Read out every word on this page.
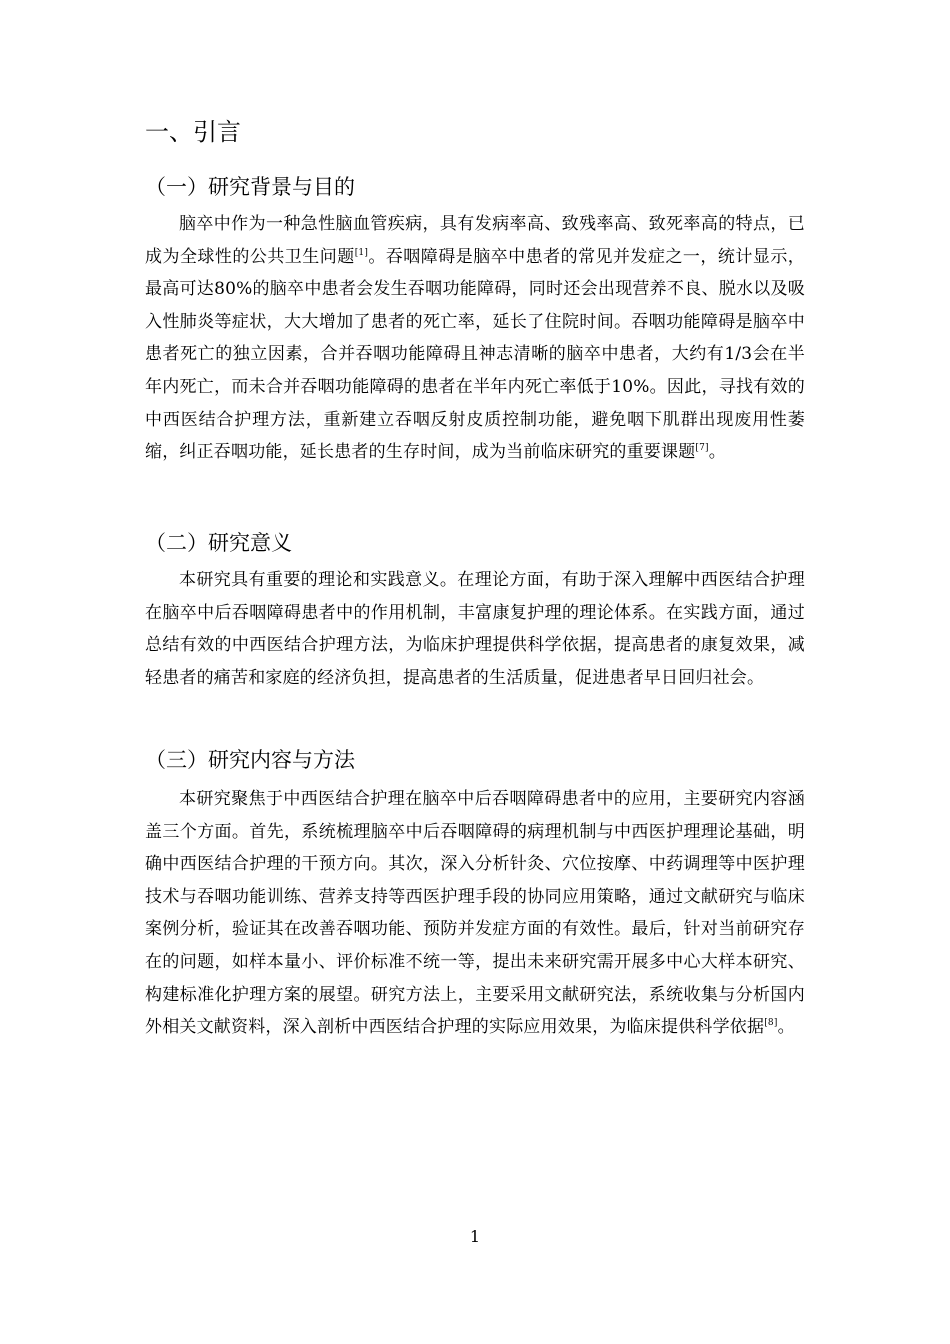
一、引言
（一）研究背景与目的

脑卒中作为一种急性脑血管疾病，具有发病率高、致残率高、致死率高的特点，已成为全球性的公共卫生问题[1]。吞咽障碍是脑卒中患者的常见并发症之一，统计显示，最高可达80%的脑卒中患者会发生吞咽功能障碍，同时还会出现营养不良、脱水以及吸入性肺炎等症状，大大增加了患者的死亡率，延长了住院时间。吞咽功能障碍是脑卒中患者死亡的独立因素，合并吞咽功能障碍且神志清晰的脑卒中患者，大约有1/3会在半年内死亡，而未合并吞咽功能障碍的患者在半年内死亡率低于10%。因此，寻找有效的中西医结合护理方法，重新建立吞咽反射皮质控制功能，避免咽下肌群出现废用性萎缩，纠正吞咽功能，延长患者的生存时间，成为当前临床研究的重要课题[7]。

（二）研究意义

本研究具有重要的理论和实践意义。在理论方面，有助于深入理解中西医结合护理在脑卒中后吞咽障碍患者中的作用机制，丰富康复护理的理论体系。在实践方面，通过总结有效的中西医结合护理方法，为临床护理提供科学依据，提高患者的康复效果，减轻患者的痛苦和家庭的经济负担，提高患者的生活质量，促进患者早日回归社会。

（三）研究内容与方法

本研究聚焦于中西医结合护理在脑卒中后吞咽障碍患者中的应用，主要研究内容涵盖三个方面。首先，系统梳理脑卒中后吞咽障碍的病理机制与中西医护理理论基础，明确中西医结合护理的干预方向。其次，深入分析针灸、穴位按摩、中药调理等中医护理技术与吞咽功能训练、营养支持等西医护理手段的协同应用策略，通过文献研究与临床案例分析，验证其在改善吞咽功能、预防并发症方面的有效性。最后，针对当前研究存在的问题，如样本量小、评价标准不统一等，提出未来研究需开展多中心大样本研究、构建标准化护理方案的展望。研究方法上，主要采用文献研究法，系统收集与分析国内外相关文献资料，深入剖析中西医结合护理的实际应用效果，为临床提供科学依据[8]。

1
